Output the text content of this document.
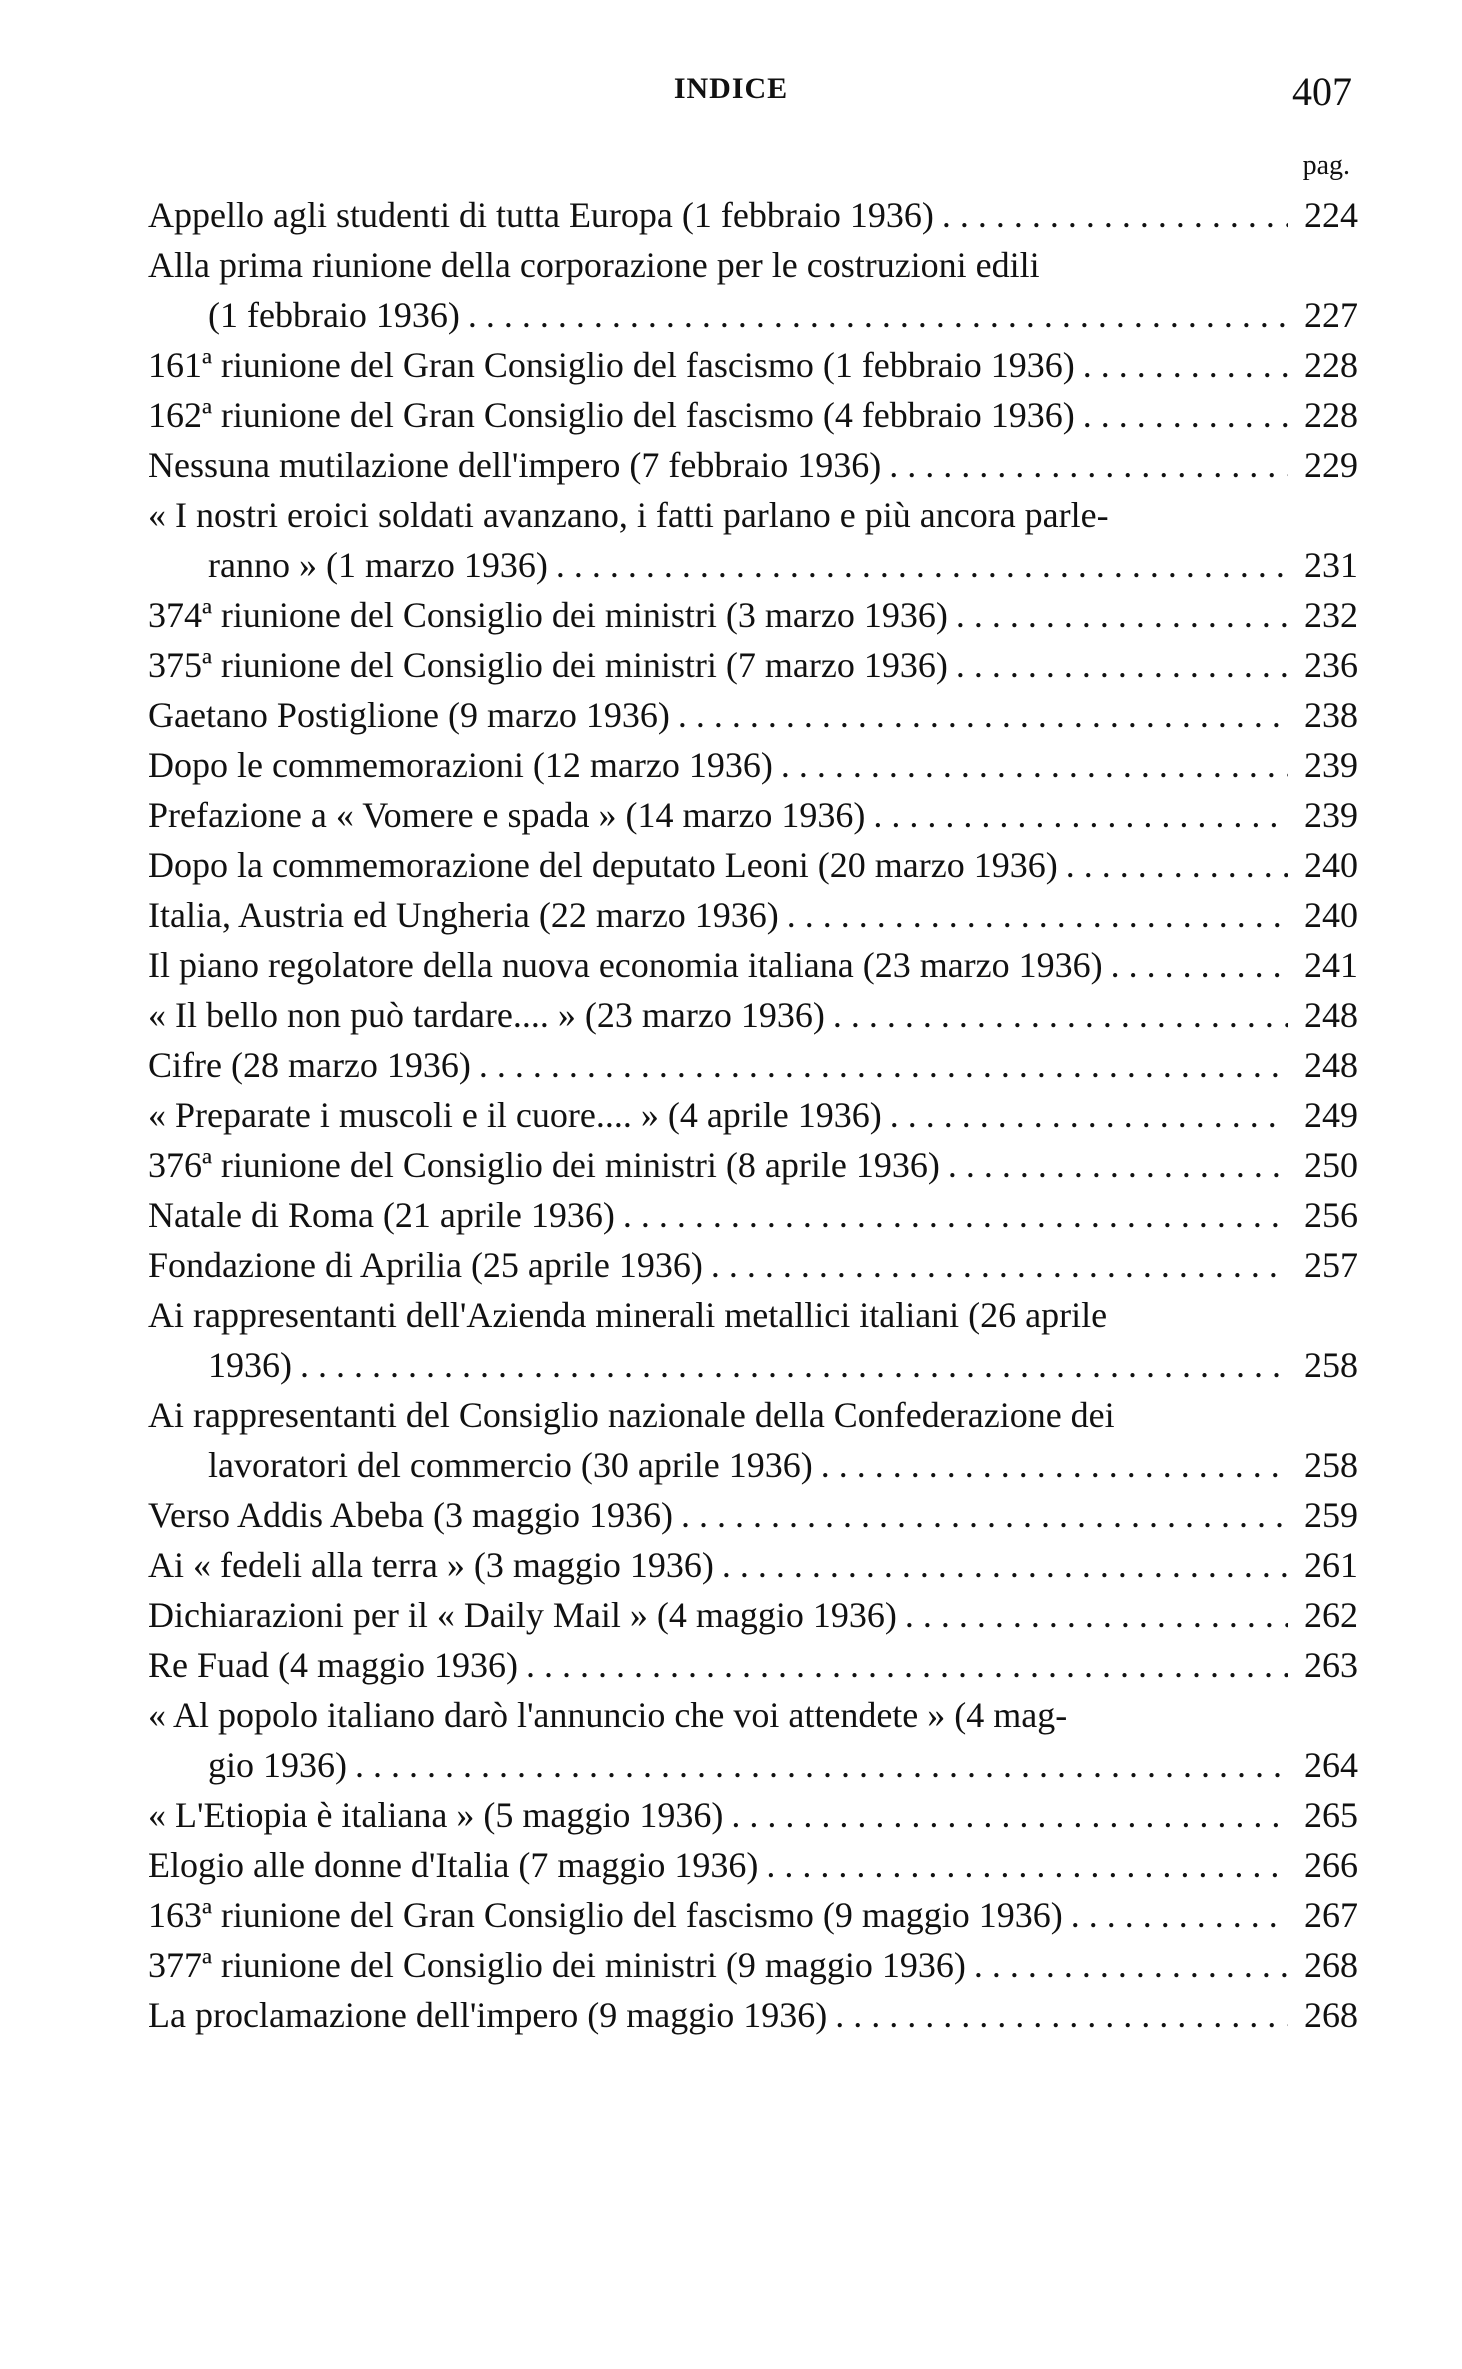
INDICE	407
pag.
Appello agli studenti di tutta Europa (1 febbraio 1936) . . .	224
Alla prima riunione della corporazione per le costruzioni edili
(1 febbraio 1936) . . .	227
161ª riunione del Gran Consiglio del fascismo (1 febbraio 1936) . . .	228
162ª riunione del Gran Consiglio del fascismo (4 febbraio 1936) . . .	228
Nessuna mutilazione dell'impero (7 febbraio 1936) . . .	229
« I nostri eroici soldati avanzano, i fatti parlano e più ancora parle-
ranno » (1 marzo 1936) . . .	231
374ª riunione del Consiglio dei ministri (3 marzo 1936) . . .	232
375ª riunione del Consiglio dei ministri (7 marzo 1936) . . .	236
Gaetano Postiglione (9 marzo 1936) . . .	238
Dopo le commemorazioni (12 marzo 1936) . . .	239
Prefazione a « Vomere e spada » (14 marzo 1936) . . .	239
Dopo la commemorazione del deputato Leoni (20 marzo 1936) . . .	240
Italia, Austria ed Ungheria (22 marzo 1936) . . .	240
Il piano regolatore della nuova economia italiana (23 marzo 1936) . . .	241
« Il bello non può tardare.... » (23 marzo 1936) . . .	248
Cifre (28 marzo 1936) . . .	248
« Preparate i muscoli e il cuore.... » (4 aprile 1936) . . .	249
376ª riunione del Consiglio dei ministri (8 aprile 1936) . . .	250
Natale di Roma (21 aprile 1936) . . .	256
Fondazione di Aprilia (25 aprile 1936) . . .	257
Ai rappresentanti dell'Azienda minerali metallici italiani (26 aprile
1936) . . .	258
Ai rappresentanti del Consiglio nazionale della Confederazione dei
lavoratori del commercio (30 aprile 1936) . . .	258
Verso Addis Abeba (3 maggio 1936) . . .	259
Ai « fedeli alla terra » (3 maggio 1936) . . .	261
Dichiarazioni per il « Daily Mail » (4 maggio 1936) . . .	262
Re Fuad (4 maggio 1936) . . .	263
« Al popolo italiano darò l'annuncio che voi attendete » (4 mag-
gio 1936) . . .	264
« L'Etiopia è italiana » (5 maggio 1936) . . .	265
Elogio alle donne d'Italia (7 maggio 1936) . . .	266
163ª riunione del Gran Consiglio del fascismo (9 maggio 1936) . . .	267
377ª riunione del Consiglio dei ministri (9 maggio 1936) . . .	268
La proclamazione dell'impero (9 maggio 1936) . . .	268
